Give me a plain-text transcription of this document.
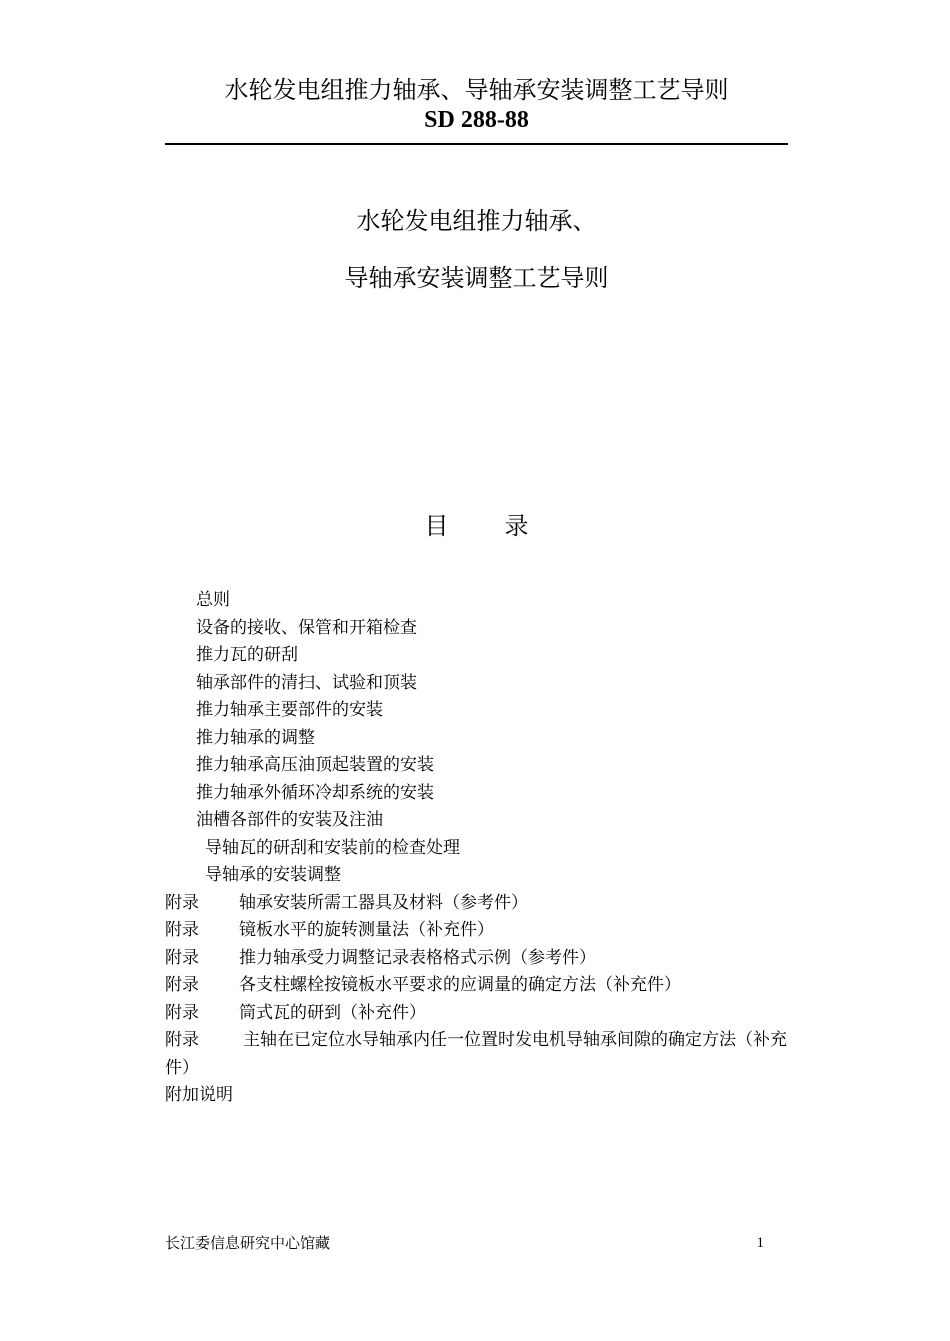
水轮发电组推力轴承、导轴承安装调整工艺导则
SD 288-88
水轮发电组推力轴承、
导轴承安装调整工艺导则
目 录
总则
设备的接收、保管和开箱检查
推力瓦的研刮
轴承部件的清扫、试验和顶装
推力轴承主要部件的安装
推力轴承的调整
推力轴承高压油顶起装置的安装
推力轴承外循环冷却系统的安装
油槽各部件的安装及注油
导轴瓦的研刮和安装前的检查处理
导轴承的安装调整
附录 轴承安装所需工器具及材料（参考件）
附录 镜板水平的旋转测量法（补充件）
附录 推力轴承受力调整记录表格格式示例（参考件）
附录 各支柱螺栓按镜板水平要求的应调量的确定方法（补充件）
附录 筒式瓦的研到（补充件）
附录	主轴在已定位水导轴承内任一位置时发电机导轴承间隙的确定方法（补充件）
附加说明
长江委信息研究中心馆藏	1
